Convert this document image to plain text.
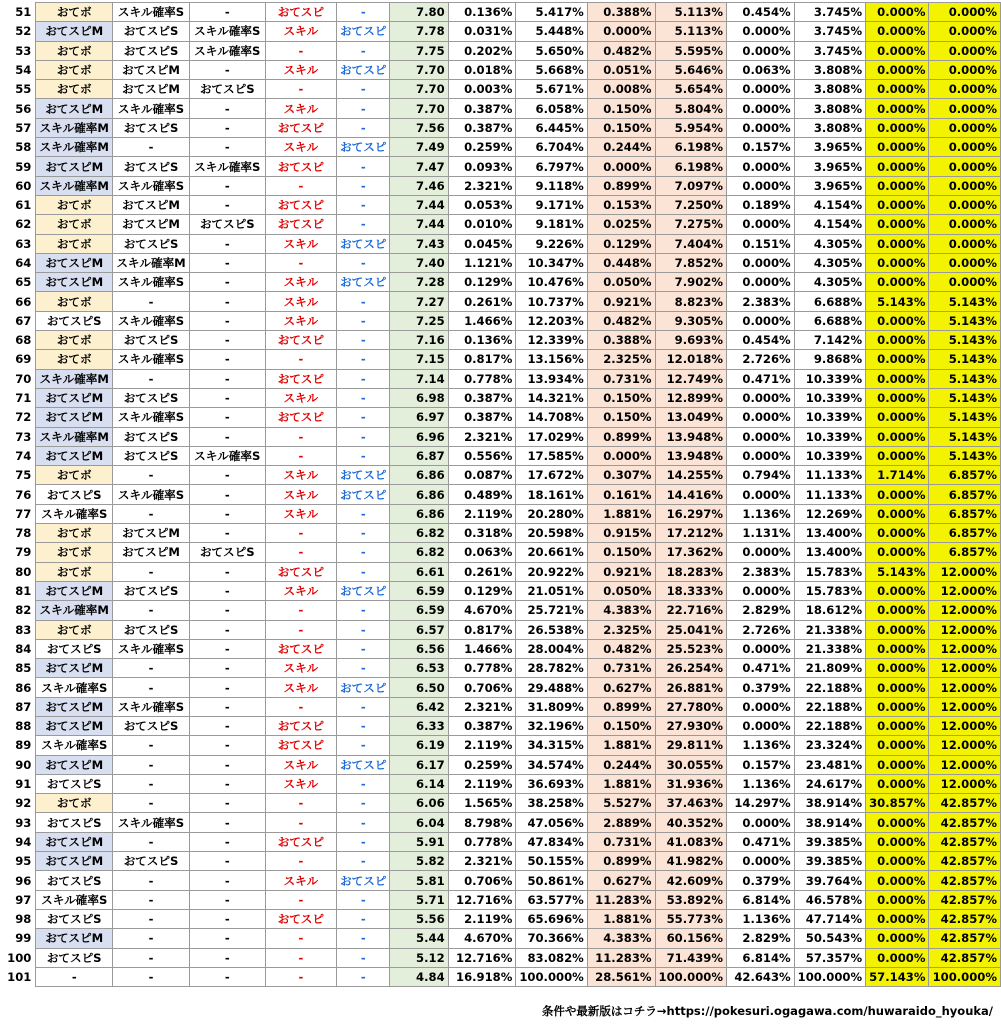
51	おてボ	スキル確率S	-	おてスピ	-	7.80	0.136%	5.417%	0.388%	5.113%	0.454%	3.745%	0.000%	0.000%
52	おてスピM	おてスピS	スキル確率S	スキル	おてスピ	7.78	0.031%	5.448%	0.000%	5.113%	0.000%	3.745%	0.000%	0.000%
53	おてボ	おてスピS	スキル確率S	-	-	7.75	0.202%	5.650%	0.482%	5.595%	0.000%	3.745%	0.000%	0.000%
54	おてボ	おてスピM	-	スキル	おてスピ	7.70	0.018%	5.668%	0.051%	5.646%	0.063%	3.808%	0.000%	0.000%
55	おてボ	おてスピM	おてスピS	-	-	7.70	0.003%	5.671%	0.008%	5.654%	0.000%	3.808%	0.000%	0.000%
56	おてスピM	スキル確率S	-	スキル	-	7.70	0.387%	6.058%	0.150%	5.804%	0.000%	3.808%	0.000%	0.000%
57	スキル確率M	おてスピS	-	おてスピ	-	7.56	0.387%	6.445%	0.150%	5.954%	0.000%	3.808%	0.000%	0.000%
58	スキル確率M	-	-	スキル	おてスピ	7.49	0.259%	6.704%	0.244%	6.198%	0.157%	3.965%	0.000%	0.000%
59	おてスピM	おてスピS	スキル確率S	おてスピ	-	7.47	0.093%	6.797%	0.000%	6.198%	0.000%	3.965%	0.000%	0.000%
60	スキル確率M	スキル確率S	-	-	-	7.46	2.321%	9.118%	0.899%	7.097%	0.000%	3.965%	0.000%	0.000%
61	おてボ	おてスピM	-	おてスピ	-	7.44	0.053%	9.171%	0.153%	7.250%	0.189%	4.154%	0.000%	0.000%
62	おてボ	おてスピM	おてスピS	おてスピ	-	7.44	0.010%	9.181%	0.025%	7.275%	0.000%	4.154%	0.000%	0.000%
63	おてボ	おてスピS	-	スキル	おてスピ	7.43	0.045%	9.226%	0.129%	7.404%	0.151%	4.305%	0.000%	0.000%
64	おてスピM	スキル確率M	-	-	-	7.40	1.121%	10.347%	0.448%	7.852%	0.000%	4.305%	0.000%	0.000%
65	おてスピM	スキル確率S	-	スキル	おてスピ	7.28	0.129%	10.476%	0.050%	7.902%	0.000%	4.305%	0.000%	0.000%
66	おてボ	-	-	スキル	-	7.27	0.261%	10.737%	0.921%	8.823%	2.383%	6.688%	5.143%	5.143%
67	おてスピS	スキル確率S	-	スキル	-	7.25	1.466%	12.203%	0.482%	9.305%	0.000%	6.688%	0.000%	5.143%
68	おてボ	おてスピS	-	おてスピ	-	7.16	0.136%	12.339%	0.388%	9.693%	0.454%	7.142%	0.000%	5.143%
69	おてボ	スキル確率S	-	-	-	7.15	0.817%	13.156%	2.325%	12.018%	2.726%	9.868%	0.000%	5.143%
70	スキル確率M	-	-	おてスピ	-	7.14	0.778%	13.934%	0.731%	12.749%	0.471%	10.339%	0.000%	5.143%
71	おてスピM	おてスピS	-	スキル	-	6.98	0.387%	14.321%	0.150%	12.899%	0.000%	10.339%	0.000%	5.143%
72	おてスピM	スキル確率S	-	おてスピ	-	6.97	0.387%	14.708%	0.150%	13.049%	0.000%	10.339%	0.000%	5.143%
73	スキル確率M	おてスピS	-	-	-	6.96	2.321%	17.029%	0.899%	13.948%	0.000%	10.339%	0.000%	5.143%
74	おてスピM	おてスピS	スキル確率S	-	-	6.87	0.556%	17.585%	0.000%	13.948%	0.000%	10.339%	0.000%	5.143%
75	おてボ	-	-	スキル	おてスピ	6.86	0.087%	17.672%	0.307%	14.255%	0.794%	11.133%	1.714%	6.857%
76	おてスピS	スキル確率S	-	スキル	おてスピ	6.86	0.489%	18.161%	0.161%	14.416%	0.000%	11.133%	0.000%	6.857%
77	スキル確率S	-	-	スキル	-	6.86	2.119%	20.280%	1.881%	16.297%	1.136%	12.269%	0.000%	6.857%
78	おてボ	おてスピM	-	-	-	6.82	0.318%	20.598%	0.915%	17.212%	1.131%	13.400%	0.000%	6.857%
79	おてボ	おてスピM	おてスピS	-	-	6.82	0.063%	20.661%	0.150%	17.362%	0.000%	13.400%	0.000%	6.857%
80	おてボ	-	-	おてスピ	-	6.61	0.261%	20.922%	0.921%	18.283%	2.383%	15.783%	5.143%	12.000%
81	おてスピM	おてスピS	-	スキル	おてスピ	6.59	0.129%	21.051%	0.050%	18.333%	0.000%	15.783%	0.000%	12.000%
82	スキル確率M	-	-	-	-	6.59	4.670%	25.721%	4.383%	22.716%	2.829%	18.612%	0.000%	12.000%
83	おてボ	おてスピS	-	-	-	6.57	0.817%	26.538%	2.325%	25.041%	2.726%	21.338%	0.000%	12.000%
84	おてスピS	スキル確率S	-	おてスピ	-	6.56	1.466%	28.004%	0.482%	25.523%	0.000%	21.338%	0.000%	12.000%
85	おてスピM	-	-	スキル	-	6.53	0.778%	28.782%	0.731%	26.254%	0.471%	21.809%	0.000%	12.000%
86	スキル確率S	-	-	スキル	おてスピ	6.50	0.706%	29.488%	0.627%	26.881%	0.379%	22.188%	0.000%	12.000%
87	おてスピM	スキル確率S	-	-	-	6.42	2.321%	31.809%	0.899%	27.780%	0.000%	22.188%	0.000%	12.000%
88	おてスピM	おてスピS	-	おてスピ	-	6.33	0.387%	32.196%	0.150%	27.930%	0.000%	22.188%	0.000%	12.000%
89	スキル確率S	-	-	おてスピ	-	6.19	2.119%	34.315%	1.881%	29.811%	1.136%	23.324%	0.000%	12.000%
90	おてスピM	-	-	スキル	おてスピ	6.17	0.259%	34.574%	0.244%	30.055%	0.157%	23.481%	0.000%	12.000%
91	おてスピS	-	-	スキル	-	6.14	2.119%	36.693%	1.881%	31.936%	1.136%	24.617%	0.000%	12.000%
92	おてボ	-	-	-	-	6.06	1.565%	38.258%	5.527%	37.463%	14.297%	38.914%	30.857%	42.857%
93	おてスピS	スキル確率S	-	-	-	6.04	8.798%	47.056%	2.889%	40.352%	0.000%	38.914%	0.000%	42.857%
94	おてスピM	-	-	おてスピ	-	5.91	0.778%	47.834%	0.731%	41.083%	0.471%	39.385%	0.000%	42.857%
95	おてスピM	おてスピS	-	-	-	5.82	2.321%	50.155%	0.899%	41.982%	0.000%	39.385%	0.000%	42.857%
96	おてスピS	-	-	スキル	おてスピ	5.81	0.706%	50.861%	0.627%	42.609%	0.379%	39.764%	0.000%	42.857%
97	スキル確率S	-	-	-	-	5.71	12.716%	63.577%	11.283%	53.892%	6.814%	46.578%	0.000%	42.857%
98	おてスピS	-	-	おてスピ	-	5.56	2.119%	65.696%	1.881%	55.773%	1.136%	47.714%	0.000%	42.857%
99	おてスピM	-	-	-	-	5.44	4.670%	70.366%	4.383%	60.156%	2.829%	50.543%	0.000%	42.857%
100	おてスピS	-	-	-	-	5.12	12.716%	83.082%	11.283%	71.439%	6.814%	57.357%	0.000%	42.857%
101	-	-	-	-	-	4.84	16.918%	100.000%	28.561%	100.000%	42.643%	100.000%	57.143%	100.000%
条件や最新版はコチラ→https://pokesuri.ogagawa.com/huwaraido_hyouka/
